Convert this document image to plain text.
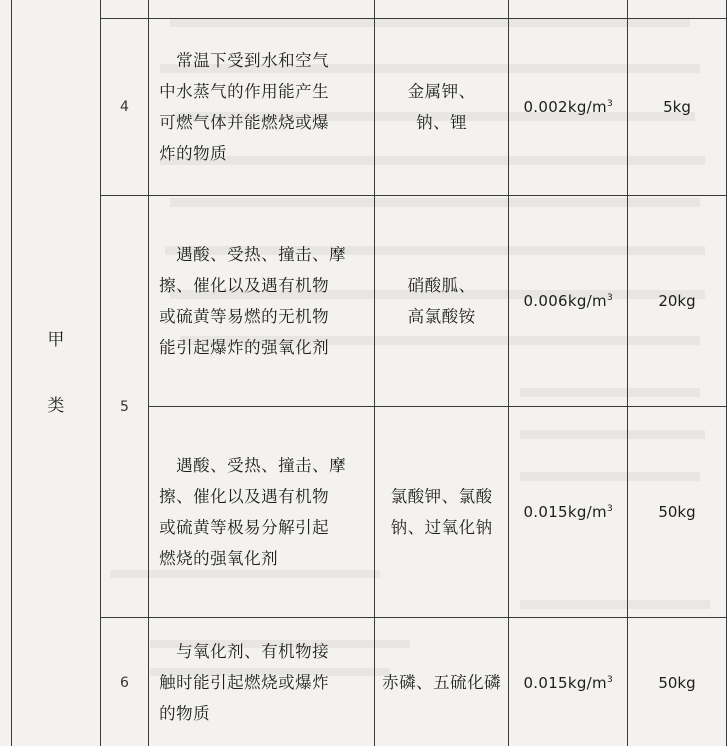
甲
类					

	4	常温下受到水和空气
中水蒸气的作用能产生
可燃气体并能燃烧或爆
炸的物质	金属钾、
钠、锂	$0.002kg/m^3$	5kg
	5	遇酸、受热、撞击、摩
擦、催化以及遇有机物
或硫黄等易燃的无机物
能引起爆炸的强氧化剂	硝酸胍、
高氯酸铵	$0.006kg/m^3$	20kg

		遇酸、受热、撞击、摩
擦、催化以及遇有机物
或硫黄等极易分解引起
燃烧的强氧化剂	氯酸钾、氯酸
钠、过氧化钠	$0.015kg/m^3$	50kg
	6	与氧化剂、有机物接
触时能引起燃烧或爆炸
的物质	赤磷、五硫化磷	$0.015kg/m^3$	50kg
